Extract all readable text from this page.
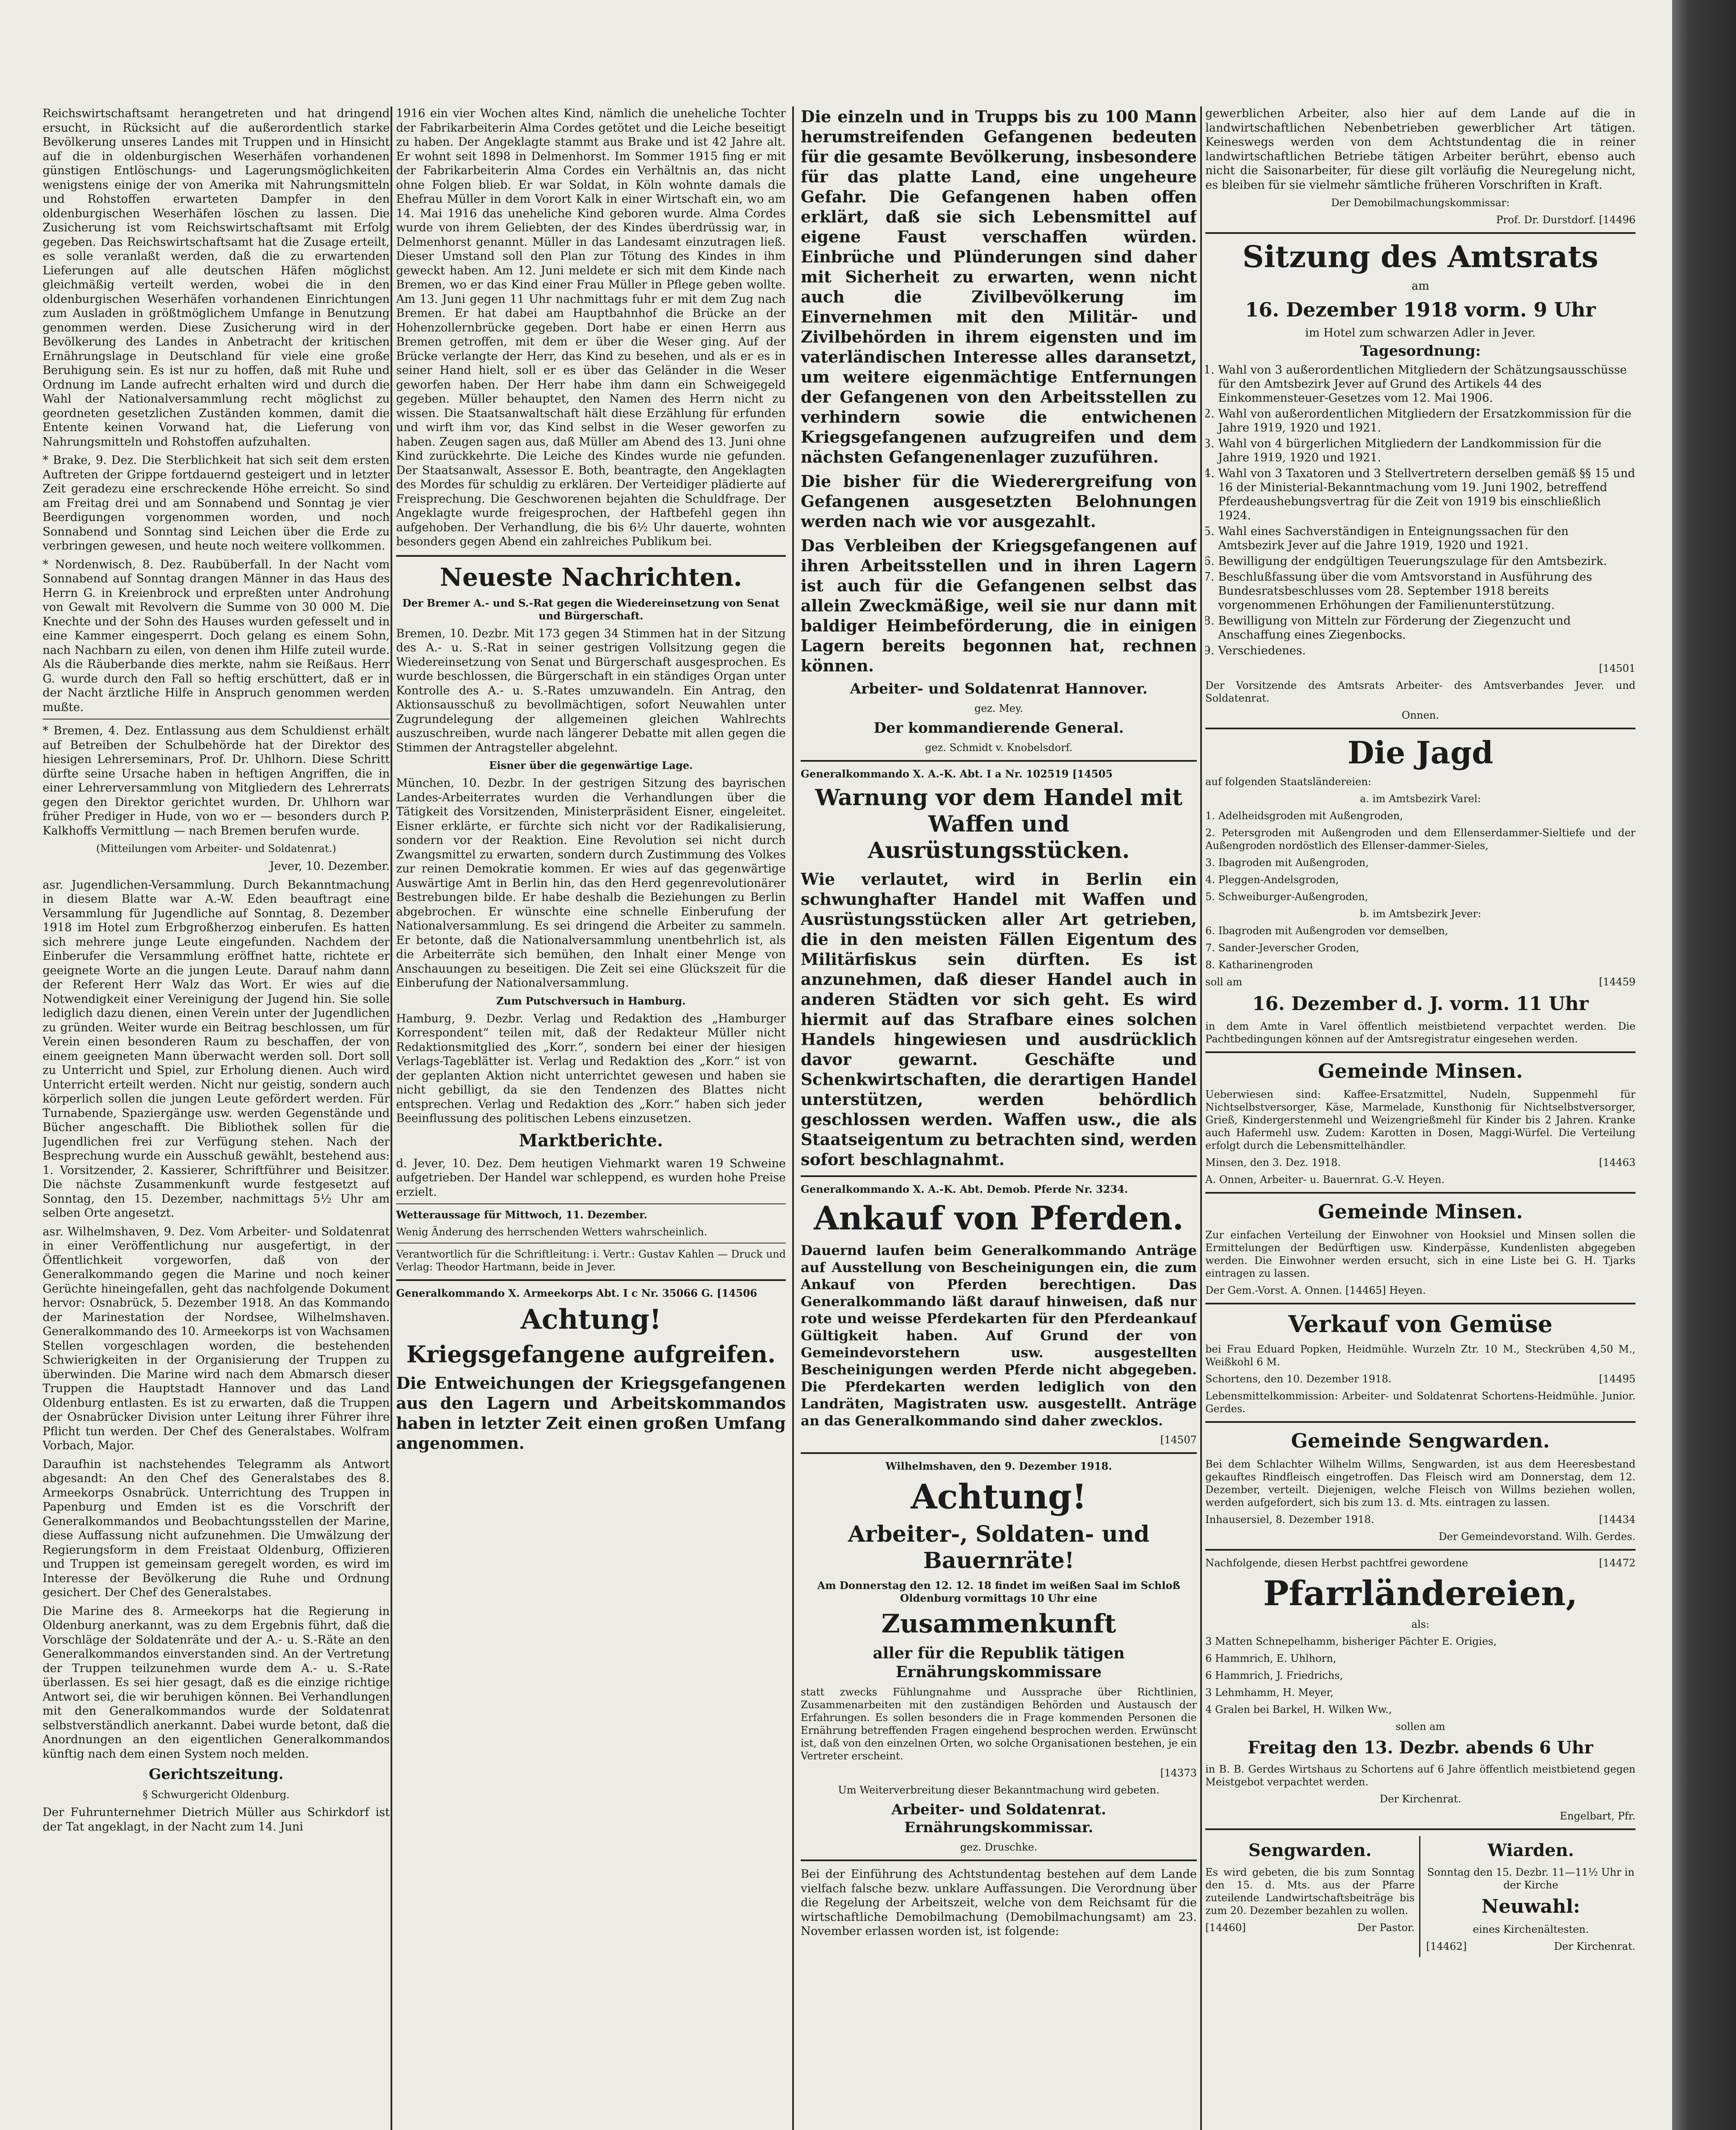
Reichswirtschaftsamt herangetreten und hat dringend ersucht, in Rücksicht auf die außerordentlich starke Bevölkerung unseres Landes mit Truppen und in Hinsicht auf die in oldenburgischen Weserhäfen vorhandenen günstigen Entlöschungs- und Lagerungsmöglichkeiten wenigstens einige der von Amerika mit Nahrungsmitteln und Rohstoffen erwarteten Dampfer in den oldenburgischen Weserhäfen löschen zu lassen. Die Zusicherung ist vom Reichswirtschaftsamt mit Erfolg gegeben. Das Reichswirtschaftsamt hat die Zusage erteilt, es solle veranlaßt werden, daß die zu erwartenden Lieferungen auf alle deutschen Häfen möglichst gleichmäßig verteilt werden, wobei die in den oldenburgischen Weserhäfen vorhandenen Einrichtungen zum Ausladen in größtmöglichem Umfange in Benutzung genommen werden. Diese Zusicherung wird in der Bevölkerung des Landes in Anbetracht der kritischen Ernährungslage in Deutschland für viele eine große Beruhigung sein. Es ist nur zu hoffen, daß mit Ruhe und Ordnung im Lande aufrecht erhalten wird und durch die Wahl der Nationalversammlung recht möglichst zu geordneten gesetzlichen Zuständen kommen, damit die Entente keinen Vorwand hat, die Lieferung von Nahrungsmitteln und Rohstoffen aufzuhalten.

* Brake, 9. Dez. Die Sterblichkeit hat sich seit dem ersten Auftreten der Grippe fortdauernd gesteigert und in letzter Zeit geradezu eine erschreckende Höhe erreicht. So sind am Freitag drei und am Sonnabend und Sonntag je vier Beerdigungen vorgenommen worden, und noch Sonnabend und Sonntag sind Leichen über die Erde zu verbringen gewesen, und heute noch weitere vollkommen.

* Nordenwisch, 8. Dez. Raubüberfall. In der Nacht vom Sonnabend auf Sonntag drangen Männer in das Haus des Herrn G. in Kreienbrock und erpreßten unter Androhung von Gewalt mit Revolvern die Summe von 30 000 M. Die Knechte und der Sohn des Hauses wurden gefesselt und in eine Kammer eingesperrt. Doch gelang es einem Sohn, nach Nachbarn zu eilen, von denen ihm Hilfe zuteil wurde. Als die Räuberbande dies merkte, nahm sie Reißaus. Herr G. wurde durch den Fall so heftig erschüttert, daß er in der Nacht ärztliche Hilfe in Anspruch genommen werden mußte.

* Bremen, 4. Dez. Entlassung aus dem Schuldienst erhält auf Betreiben der Schulbehörde hat der Direktor des hiesigen Lehrerseminars, Prof. Dr. Uhlhorn. Diese Schritt dürfte seine Ursache haben in heftigen Angriffen, die in einer Lehrerversammlung von Mitgliedern des Lehrerrats gegen den Direktor gerichtet wurden. Dr. Uhlhorn war früher Prediger in Hude, von wo er — besonders durch P. Kalkhoffs Vermittlung — nach Bremen berufen wurde.

(Mitteilungen vom Arbeiter- und Soldatenrat.)

Jever, 10. Dezember.

asr. Jugendlichen-Versammlung. Durch Bekanntmachung in diesem Blatte war A.-W. Eden beauftragt eine Versammlung für Jugendliche auf Sonntag, 8. Dezember 1918 im Hotel zum Erbgroßherzog einberufen. Es hatten sich mehrere junge Leute eingefunden. Nachdem der Einberufer die Versammlung eröffnet hatte, richtete er geeignete Worte an die jungen Leute. Darauf nahm dann der Referent Herr Walz das Wort. Er wies auf die Notwendigkeit einer Vereinigung der Jugend hin. Sie solle lediglich dazu dienen, einen Verein unter der Jugendlichen zu gründen. Weiter wurde ein Beitrag beschlossen, um für Verein einen besonderen Raum zu beschaffen, der von einem geeigneten Mann überwacht werden soll. Dort soll zu Unterricht und Spiel, zur Erholung dienen. Auch wird Unterricht erteilt werden. Nicht nur geistig, sondern auch körperlich sollen die jungen Leute gefördert werden. Für Turnabende, Spaziergänge usw. werden Gegenstände und Bücher angeschafft. Die Bibliothek sollen für die Jugendlichen frei zur Verfügung stehen. Nach der Besprechung wurde ein Ausschuß gewählt, bestehend aus: 1. Vorsitzender, 2. Kassierer, Schriftführer und Beisitzer. Die nächste Zusammenkunft wurde festgesetzt auf Sonntag, den 15. Dezember, nachmittags 5½ Uhr am selben Orte angesetzt.

asr. Wilhelmshaven, 9. Dez. Vom Arbeiter- und Soldatenrat in einer Veröffentlichung nur ausgefertigt, in der Öffentlichkeit vorgeworfen, daß von der Generalkommando gegen die Marine und noch keiner Gerüchte hineingefallen, geht das nachfolgende Dokument hervor: Osnabrück, 5. Dezember 1918. An das Kommando der Marinestation der Nordsee, Wilhelmshaven. Generalkommando des 10. Armeekorps ist von Wachsamen Stellen vorgeschlagen worden, die bestehenden Schwierigkeiten in der Organisierung der Truppen zu überwinden. Die Marine wird nach dem Abmarsch dieser Truppen die Hauptstadt Hannover und das Land Oldenburg entlasten. Es ist zu erwarten, daß die Truppen der Osnabrücker Division unter Leitung ihrer Führer ihre Pflicht tun werden. Der Chef des Generalstabes. Wolfram Vorbach, Major.

Daraufhin ist nachstehendes Telegramm als Antwort abgesandt: An den Chef des Generalstabes des 8. Armeekorps Osnabrück. Unterrichtung des Truppen in Papenburg und Emden ist es die Vorschrift der Generalkommandos und Beobachtungsstellen der Marine, diese Auffassung nicht aufzunehmen. Die Umwälzung der Regierungsform in dem Freistaat Oldenburg, Offizieren und Truppen ist gemeinsam geregelt worden, es wird im Interesse der Bevölkerung die Ruhe und Ordnung gesichert. Der Chef des Generalstabes.

Die Marine des 8. Armeekorps hat die Regierung in Oldenburg anerkannt, was zu dem Ergebnis führt, daß die Vorschläge der Soldatenräte und der A.- u. S.-Räte an den Generalkommandos einverstanden sind. An der Vertretung der Truppen teilzunehmen wurde dem A.- u. S.-Rate überlassen. Es sei hier gesagt, daß es die einzige richtige Antwort sei, die wir beruhigen können. Bei Verhandlungen mit den Generalkommandos wurde der Soldatenrat selbstverständlich anerkannt. Dabei wurde betont, daß die Anordnungen an den eigentlichen Generalkommandos künftig nach dem einen System noch melden.

Gerichtszeitung.

§ Schwurgericht Oldenburg.

Der Fuhrunternehmer Dietrich Müller aus Schirkdorf ist der Tat angeklagt, in der Nacht zum 14. Juni

1916 ein vier Wochen altes Kind, nämlich die uneheliche Tochter der Fabrikarbeiterin Alma Cordes getötet und die Leiche beseitigt zu haben. Der Angeklagte stammt aus Brake und ist 42 Jahre alt. Er wohnt seit 1898 in Delmenhorst. Im Sommer 1915 fing er mit der Fabrikarbeiterin Alma Cordes ein Verhältnis an, das nicht ohne Folgen blieb. Er war Soldat, in Köln wohnte damals die Ehefrau Müller in dem Vorort Kalk in einer Wirtschaft ein, wo am 14. Mai 1916 das uneheliche Kind geboren wurde. Alma Cordes wurde von ihrem Geliebten, der des Kindes überdrüssig war, in Delmenhorst genannt. Müller in das Landesamt einzutragen ließ. Dieser Umstand soll den Plan zur Tötung des Kindes in ihm geweckt haben. Am 12. Juni meldete er sich mit dem Kinde nach Bremen, wo er das Kind einer Frau Müller in Pflege geben wollte. Am 13. Juni gegen 11 Uhr nachmittags fuhr er mit dem Zug nach Bremen. Er hat dabei am Hauptbahnhof die Brücke an der Hohenzollernbrücke gegeben. Dort habe er einen Herrn aus Bremen getroffen, mit dem er über die Weser ging. Auf der Brücke verlangte der Herr, das Kind zu besehen, und als er es in seiner Hand hielt, soll er es über das Geländer in die Weser geworfen haben. Der Herr habe ihm dann ein Schweigegeld gegeben. Müller behauptet, den Namen des Herrn nicht zu wissen. Die Staatsanwaltschaft hält diese Erzählung für erfunden und wirft ihm vor, das Kind selbst in die Weser geworfen zu haben. Zeugen sagen aus, daß Müller am Abend des 13. Juni ohne Kind zurückkehrte. Die Leiche des Kindes wurde nie gefunden. Der Staatsanwalt, Assessor E. Both, beantragte, den Angeklagten des Mordes für schuldig zu erklären. Der Verteidiger plädierte auf Freisprechung. Die Geschworenen bejahten die Schuldfrage. Der Angeklagte wurde freigesprochen, der Haftbefehl gegen ihn aufgehoben. Der Verhandlung, die bis 6½ Uhr dauerte, wohnten besonders gegen Abend ein zahlreiches Publikum bei.

Neueste Nachrichten.

Der Bremer A.- und S.-Rat gegen die Wiedereinsetzung von Senat und Bürgerschaft.

Bremen, 10. Dezbr. Mit 173 gegen 34 Stimmen hat in der Sitzung des A.- u. S.-Rat in seiner gestrigen Vollsitzung gegen die Wiedereinsetzung von Senat und Bürgerschaft ausgesprochen. Es wurde beschlossen, die Bürgerschaft in ein ständiges Organ unter Kontrolle des A.- u. S.-Rates umzuwandeln. Ein Antrag, den Aktionsausschuß zu bevollmächtigen, sofort Neuwahlen unter Zugrundelegung der allgemeinen gleichen Wahlrechts auszuschreiben, wurde nach längerer Debatte mit allen gegen die Stimmen der Antragsteller abgelehnt.

Eisner über die gegenwärtige Lage.

München, 10. Dezbr. In der gestrigen Sitzung des bayrischen Landes-Arbeiterrates wurden die Verhandlungen über die Tätigkeit des Vorsitzenden, Ministerpräsident Eisner, eingeleitet. Eisner erklärte, er fürchte sich nicht vor der Radikalisierung, sondern vor der Reaktion. Eine Revolution sei nicht durch Zwangsmittel zu erwarten, sondern durch Zustimmung des Volkes zur reinen Demokratie kommen. Er wies auf das gegenwärtige Auswärtige Amt in Berlin hin, das den Herd gegenrevolutionärer Bestrebungen bilde. Er habe deshalb die Beziehungen zu Berlin abgebrochen. Er wünschte eine schnelle Einberufung der Nationalversammlung. Es sei dringend die Arbeiter zu sammeln. Er betonte, daß die Nationalversammlung unentbehrlich ist, als die Arbeiterräte sich bemühen, den Inhalt einer Menge von Anschauungen zu beseitigen. Die Zeit sei eine Glückszeit für die Einberufung der Nationalversammlung.

Zum Putschversuch in Hamburg.

Hamburg, 9. Dezbr. Verlag und Redaktion des „Hamburger Korrespondent“ teilen mit, daß der Redakteur Müller nicht Redaktionsmitglied des „Korr.“, sondern bei einer der hiesigen Verlags-Tageblätter ist. Verlag und Redaktion des „Korr.“ ist von der geplanten Aktion nicht unterrichtet gewesen und haben sie nicht gebilligt, da sie den Tendenzen des Blattes nicht entsprechen. Verlag und Redaktion des „Korr.“ haben sich jeder Beeinflussung des politischen Lebens einzusetzen.

Marktberichte.

d. Jever, 10. Dez. Dem heutigen Viehmarkt waren 19 Schweine aufgetrieben. Der Handel war schleppend, es wurden hohe Preise erzielt.

Wetteraussage für Mittwoch, 11. Dezember.

Wenig Änderung des herrschenden Wetters wahrscheinlich.

Verantwortlich für die Schriftleitung: i. Vertr.: Gustav Kahlen — Druck und Verlag: Theodor Hartmann, beide in Jever.

Generalkommando X. Armeekorps Abt. I c Nr. 35066 G. [14506

Achtung!
Kriegsgefangene aufgreifen.

Die Entweichungen der Kriegsgefangenen aus den Lagern und Arbeitskommandos haben in letzter Zeit einen großen Umfang angenommen.

Die einzeln und in Trupps bis zu 100 Mann herumstreifenden Gefangenen bedeuten für die gesamte Bevölkerung, insbesondere für das platte Land, eine ungeheure Gefahr. Die Gefangenen haben offen erklärt, daß sie sich Lebensmittel auf eigene Faust verschaffen würden. Einbrüche und Plünderungen sind daher mit Sicherheit zu erwarten, wenn nicht auch die Zivilbevölkerung im Einvernehmen mit den Militär- und Zivilbehörden in ihrem eigensten und im vaterländischen Interesse alles daransetzt, um weitere eigenmächtige Entfernungen der Gefangenen von den Arbeitsstellen zu verhindern sowie die entwichenen Kriegsgefangenen aufzugreifen und dem nächsten Gefangenenlager zuzuführen.

Die bisher für die Wiederergreifung von Gefangenen ausgesetzten Belohnungen werden nach wie vor ausgezahlt.

Das Verbleiben der Kriegsgefangenen auf ihren Arbeitsstellen und in ihren Lagern ist auch für die Gefangenen selbst das allein Zweckmäßige, weil sie nur dann mit baldiger Heimbeförderung, die in einigen Lagern bereits begonnen hat, rechnen können.

Arbeiter- und Soldatenrat Hannover.

gez. Mey.

Der kommandierende General.

gez. Schmidt v. Knobelsdorf.

Generalkommando X. A.-K. Abt. I a Nr. 102519 [14505

Warnung vor dem Handel mit Waffen und Ausrüstungsstücken.

Wie verlautet, wird in Berlin ein schwunghafter Handel mit Waffen und Ausrüstungsstücken aller Art getrieben, die in den meisten Fällen Eigentum des Militärfiskus sein dürften. Es ist anzunehmen, daß dieser Handel auch in anderen Städten vor sich geht. Es wird hiermit auf das Strafbare eines solchen Handels hingewiesen und ausdrücklich davor gewarnt. Geschäfte und Schenkwirtschaften, die derartigen Handel unterstützen, werden behördlich geschlossen werden. Waffen usw., die als Staatseigentum zu betrachten sind, werden sofort beschlagnahmt.

Generalkommando X. A.-K. Abt. Demob. Pferde Nr. 3234.

Ankauf von Pferden.

Dauernd laufen beim Generalkommando Anträge auf Ausstellung von Bescheinigungen ein, die zum Ankauf von Pferden berechtigen. Das Generalkommando läßt darauf hinweisen, daß nur rote und weisse Pferdekarten für den Pferdeankauf Gültigkeit haben. Auf Grund der von Gemeindevorstehern usw. ausgestellten Bescheinigungen werden Pferde nicht abgegeben. Die Pferdekarten werden lediglich von den Landräten, Magistraten usw. ausgestellt. Anträge an das Generalkommando sind daher zwecklos.

[14507

Wilhelmshaven, den 9. Dezember 1918.

Achtung!
Arbeiter-, Soldaten- und Bauernräte!

Am Donnerstag den 12. 12. 18 findet im weißen Saal im Schloß Oldenburg vormittags 10 Uhr eine

Zusammenkunft

aller für die Republik tätigen Ernährungskommissare

statt zwecks Fühlungnahme und Aussprache über Richtlinien, Zusammenarbeiten mit den zuständigen Behörden und Austausch der Erfahrungen. Es sollen besonders die in Frage kommenden Personen die Ernährung betreffenden Fragen eingehend besprochen werden. Erwünscht ist, daß von den einzelnen Orten, wo solche Organisationen bestehen, je ein Vertreter erscheint.

[14373

Um Weiterverbreitung dieser Bekanntmachung wird gebeten.

Arbeiter- und Soldatenrat. Ernährungskommissar.

gez. Druschke.

Bei der Einführung des Achtstundentag bestehen auf dem Lande vielfach falsche bezw. unklare Auffassungen. Die Verordnung über die Regelung der Arbeitszeit, welche von dem Reichsamt für die wirtschaftliche Demobilmachung (Demobilmachungsamt) am 23. November erlassen worden ist, ist folgende:

gewerblichen Arbeiter, also hier auf dem Lande auf die in landwirtschaftlichen Nebenbetrieben gewerblicher Art tätigen. Keineswegs werden von dem Achtstundentag die in reiner landwirtschaftlichen Betriebe tätigen Arbeiter berührt, ebenso auch nicht die Saisonarbeiter, für diese gilt vorläufig die Neuregelung nicht, es bleiben für sie vielmehr sämtliche früheren Vorschriften in Kraft.

Der Demobilmachungskommissar:

Prof. Dr. Durstdorf. [14496

Sitzung des Amtsrats

am

16. Dezember 1918 vorm. 9 Uhr

im Hotel zum schwarzen Adler in Jever.

Tagesordnung:

1. Wahl von 3 außerordentlichen Mitgliedern der Schätzungsausschüsse für den Amtsbezirk Jever auf Grund des Artikels 44 des Einkommensteuer-Gesetzes vom 12. Mai 1906.
2. Wahl von außerordentlichen Mitgliedern der Ersatzkommission für die Jahre 1919, 1920 und 1921.
3. Wahl von 4 bürgerlichen Mitgliedern der Landkommission für die Jahre 1919, 1920 und 1921.
4. Wahl von 3 Taxatoren und 3 Stellvertretern derselben gemäß §§ 15 und 16 der Ministerial-Bekanntmachung vom 19. Juni 1902, betreffend Pferdeaushebungsvertrag für die Zeit von 1919 bis einschließlich 1924.
5. Wahl eines Sachverständigen in Enteignungssachen für den Amtsbezirk Jever auf die Jahre 1919, 1920 und 1921.
6. Bewilligung der endgültigen Teuerungszulage für den Amtsbezirk.
7. Beschlußfassung über die vom Amtsvorstand in Ausführung des Bundesratsbeschlusses vom 28. September 1918 bereits vorgenommenen Erhöhungen der Familienunterstützung.
8. Bewilligung von Mitteln zur Förderung der Ziegenzucht und Anschaffung eines Ziegenbocks.
9. Verschiedenes.

[14501

Der Vorsitzende des Amtsrats Arbeiter- des Amtsverbandes Jever. und Soldatenrat.

Onnen.

Die Jagd

auf folgenden Staatsländereien:

a. im Amtsbezirk Varel:

1. Adelheidsgroden mit Außengroden,

2. Petersgroden mit Außengroden und dem Ellenserdammer-Sieltiefe und der Außengroden nordöstlich des Ellenser-dammer-Sieles,

3. Ibagroden mit Außengroden,

4. Pleggen-Andelsgroden,

5. Schweiburger-Außengroden,

b. im Amtsbezirk Jever:

6. Ibagroden mit Außengroden vor demselben,

7. Sander-Jeverscher Groden,

8. Katharinengroden

soll am	[14459

16. Dezember d. J. vorm. 11 Uhr

in dem Amte in Varel öffentlich meistbietend verpachtet werden. Die Pachtbedingungen können auf der Amtsregistratur eingesehen werden.

Gemeinde Minsen.

Ueberwiesen sind: Kaffee-Ersatzmittel, Nudeln, Suppenmehl für Nichtselbstversorger, Käse, Marmelade, Kunsthonig für Nichtselbstversorger, Grieß, Kindergerstenmehl und Weizengrießmehl für Kinder bis 2 Jahren. Kranke auch Hafermehl usw. Zudem: Karotten in Dosen, Maggi-Würfel. Die Verteilung erfolgt durch die Lebensmittelhändler.

Minsen, den 3. Dez. 1918.	[14463

A. Onnen, Arbeiter- u. Bauernrat. G.-V. Heyen.

Gemeinde Minsen.

Zur einfachen Verteilung der Einwohner von Hooksiel und Minsen sollen die Ermittelungen der Bedürftigen usw. Kinderpässe, Kundenlisten abgegeben werden. Die Einwohner werden ersucht, sich in eine Liste bei G. H. Tjarks eintragen zu lassen.

Der Gem.-Vorst. A. Onnen. [14465] Heyen.

Verkauf von Gemüse

bei Frau Eduard Popken, Heidmühle. Wurzeln Ztr. 10 M., Steckrüben 4,50 M., Weißkohl 6 M.

Schortens, den 10. Dezember 1918.	[14495

Lebensmittelkommission: Arbeiter- und Soldatenrat Schortens-Heidmühle. Junior. Gerdes.

Gemeinde Sengwarden.

Bei dem Schlachter Wilhelm Willms, Sengwarden, ist aus dem Heeresbestand gekauftes Rindfleisch eingetroffen. Das Fleisch wird am Donnerstag, dem 12. Dezember, verteilt. Diejenigen, welche Fleisch von Willms beziehen wollen, werden aufgefordert, sich bis zum 13. d. Mts. eintragen zu lassen.

Inhausersiel, 8. Dezember 1918.	[14434

Der Gemeindevorstand. Wilh. Gerdes.

Nachfolgende, diesen Herbst pachtfrei gewordene	[14472

Pfarrländereien,

als:

3 Matten Schnepelhamm, bisheriger Pächter E. Origies,

6 Hammrich, E. Uhlhorn,

6 Hammrich, J. Friedrichs,

3 Lehmhamm, H. Meyer,

4 Gralen bei Barkel, H. Wilken Ww.,

sollen am

Freitag den 13. Dezbr. abends 6 Uhr

in B. B. Gerdes Wirtshaus zu Schortens auf 6 Jahre öffentlich meistbietend gegen Meistgebot verpachtet werden.

Der Kirchenrat.

Engelbart, Pfr.

Sengwarden.

Es wird gebeten, die bis zum Sonntag den 15. d. Mts. aus der Pfarre zuteilende Landwirtschaftsbeiträge bis zum 20. Dezember bezahlen zu wollen.

[14460]	Der Pastor.

Wiarden.

Sonntag den 15. Dezbr. 11—11½ Uhr in der Kirche

Neuwahl:

eines Kirchenältesten.

[14462]	Der Kirchenrat.
